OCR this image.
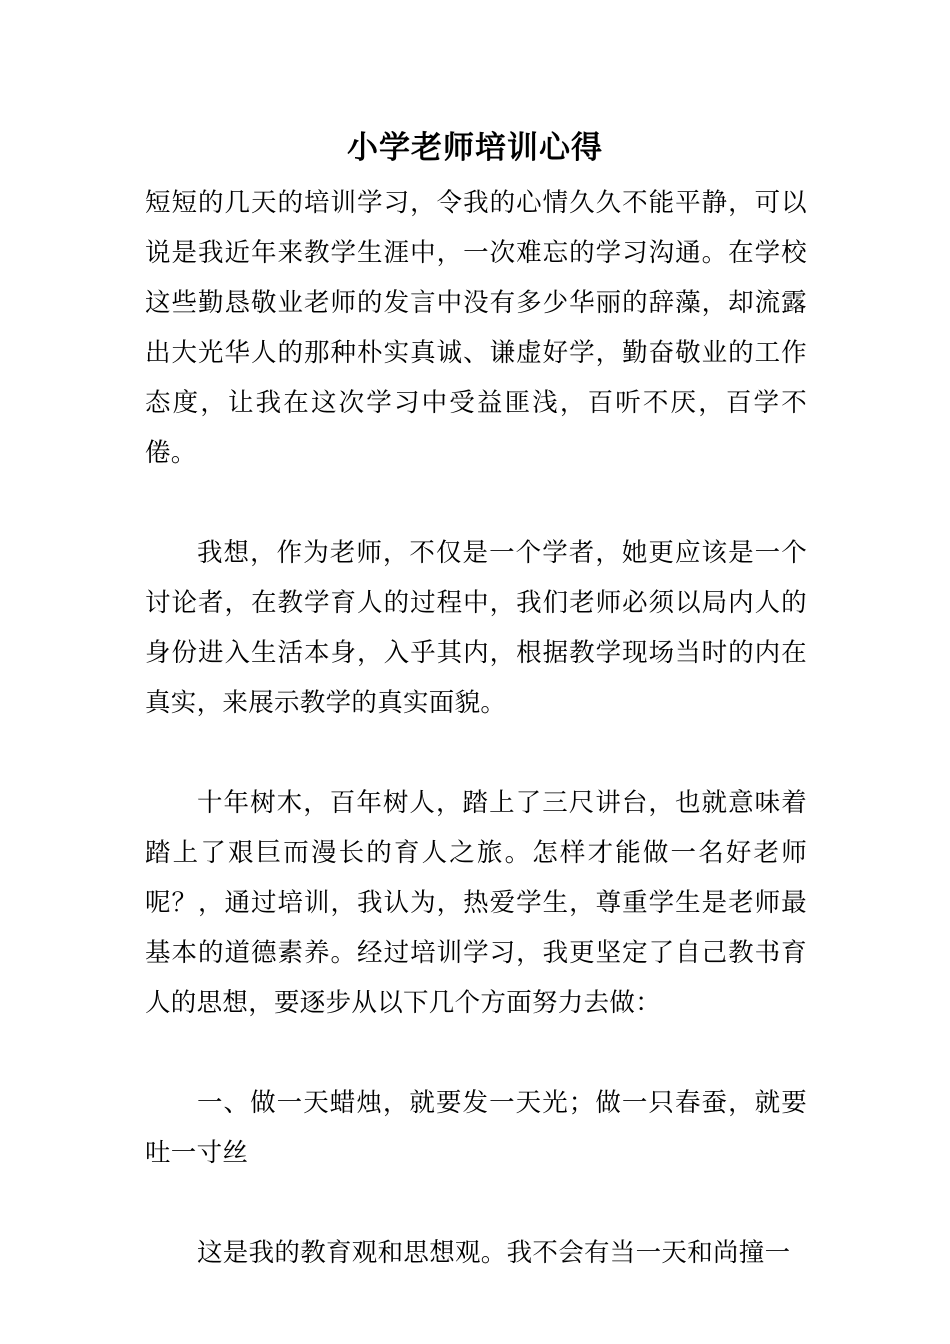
小学老师培训心得

短短的几天的培训学习，令我的心情久久不能平静，可以说是我近年来教学生涯中，一次难忘的学习沟通。在学校这些勤恳敬业老师的发言中没有多少华丽的辞藻，却流露出大光华人的那种朴实真诚、谦虚好学，勤奋敬业的工作态度，让我在这次学习中受益匪浅，百听不厌，百学不倦。

我想，作为老师，不仅是一个学者，她更应该是一个讨论者，在教学育人的过程中，我们老师必须以局内人的身份进入生活本身，入乎其内，根据教学现场当时的内在真实，来展示教学的真实面貌。

十年树木，百年树人，踏上了三尺讲台，也就意味着踏上了艰巨而漫长的育人之旅。怎样才能做一名好老师呢？，通过培训，我认为，热爱学生，尊重学生是老师最基本的道德素养。经过培训学习，我更坚定了自己教书育人的思想，要逐步从以下几个方面努力去做：

一、做一天蜡烛，就要发一天光；做一只春蚕，就要吐一寸丝

这是我的教育观和思想观。我不会有当一天和尚撞一
